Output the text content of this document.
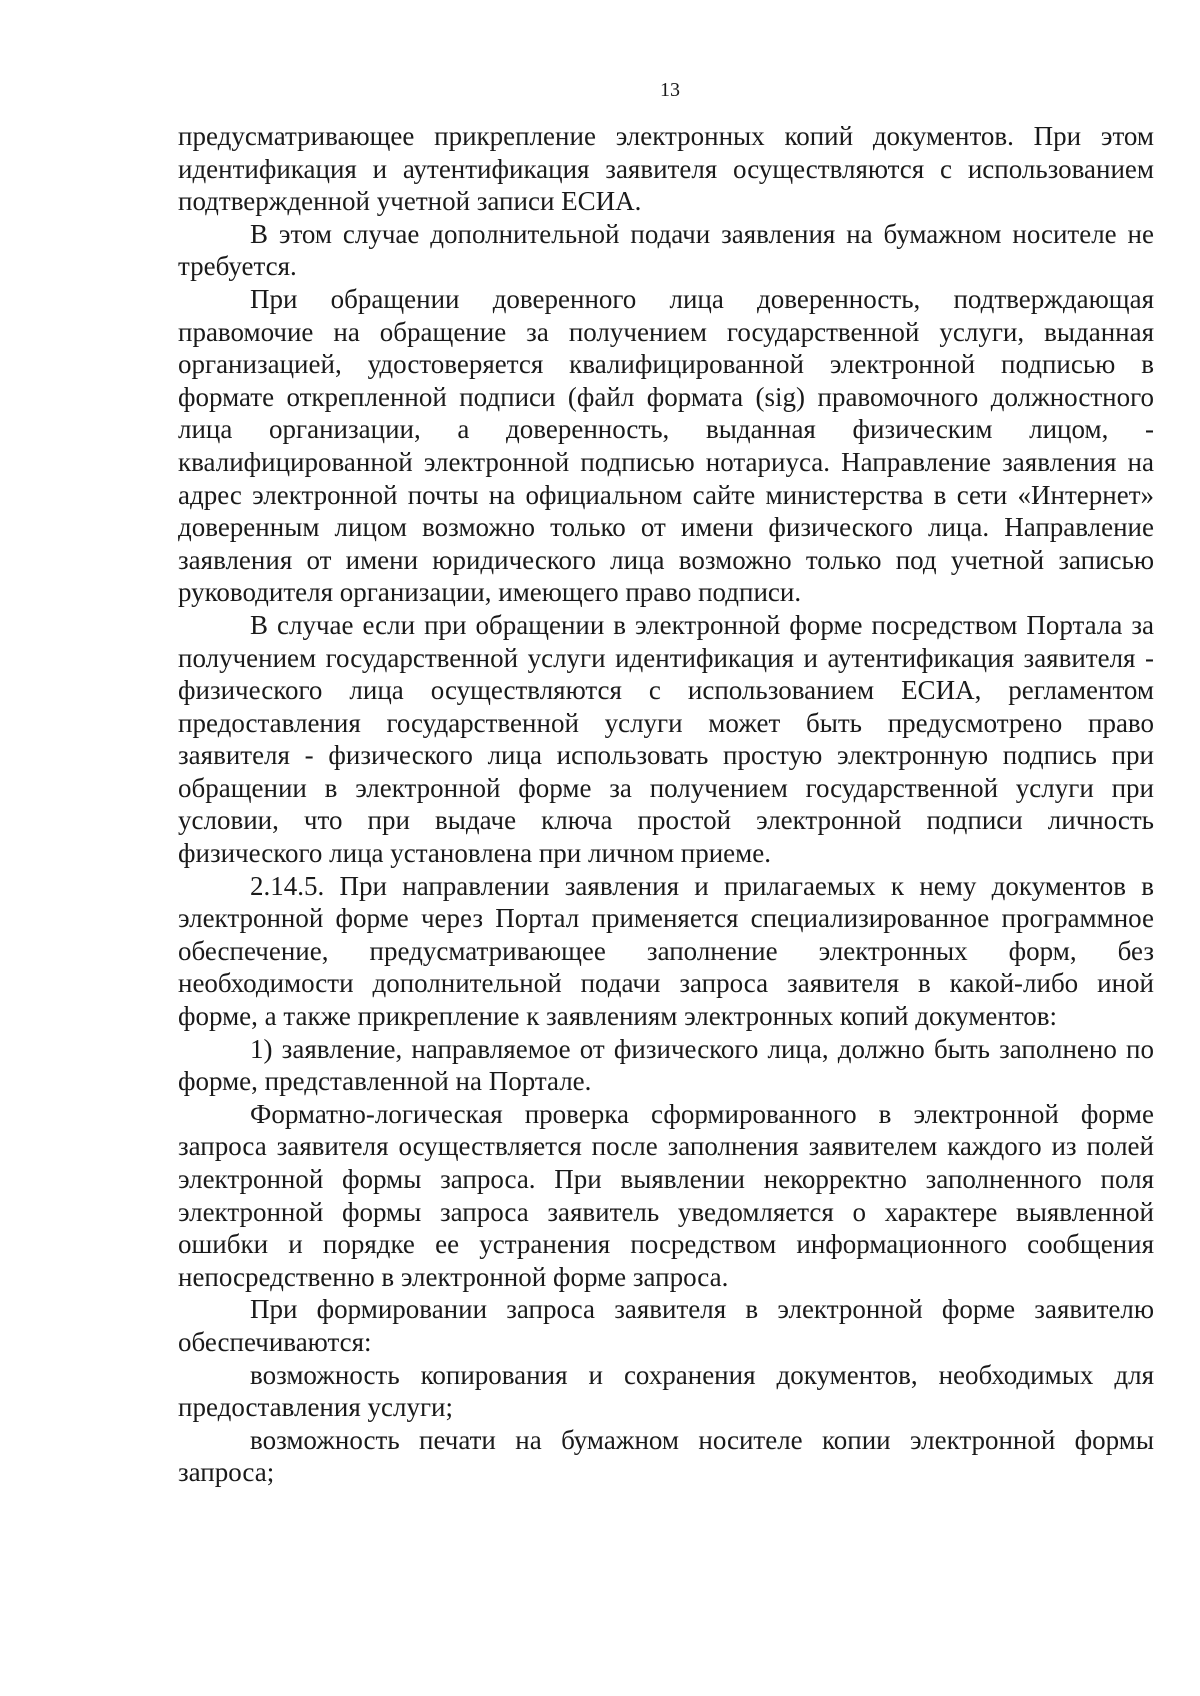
13

предусматривающее прикрепление электронных копий документов. При этом идентификация и аутентификация заявителя осуществляются с использованием подтвержденной учетной записи ЕСИА.

В этом случае дополнительной подачи заявления на бумажном носителе не требуется.

При обращении доверенного лица доверенность, подтверждающая правомочие на обращение за получением государственной услуги, выданная организацией, удостоверяется квалифицированной электронной подписью в формате открепленной подписи (файл формата (sig) правомочного должностного лица организации, а доверенность, выданная физическим лицом, - квалифицированной электронной подписью нотариуса. Направление заявления на адрес электронной почты на официальном сайте министерства в сети «Интернет» доверенным лицом возможно только от имени физического лица. Направление заявления от имени юридического лица возможно только под учетной записью руководителя организации, имеющего право подписи.

В случае если при обращении в электронной форме посредством Портала за получением государственной услуги идентификация и аутентификация заявителя - физического лица осуществляются с использованием ЕСИА, регламентом предоставления государственной услуги может быть предусмотрено право заявителя - физического лица использовать простую электронную подпись при обращении в электронной форме за получением государственной услуги при условии, что при выдаче ключа простой электронной подписи личность физического лица установлена при личном приеме.

2.14.5. При направлении заявления и прилагаемых к нему документов в электронной форме через Портал применяется специализированное программное обеспечение, предусматривающее заполнение электронных форм, без необходимости дополнительной подачи запроса заявителя в какой-либо иной форме, а также прикрепление к заявлениям электронных копий документов:

1) заявление, направляемое от физического лица, должно быть заполнено по форме, представленной на Портале.

Форматно-логическая проверка сформированного в электронной форме запроса заявителя осуществляется после заполнения заявителем каждого из полей электронной формы запроса. При выявлении некорректно заполненного поля электронной формы запроса заявитель уведомляется о характере выявленной ошибки и порядке ее устранения посредством информационного сообщения непосредственно в электронной форме запроса.

При формировании запроса заявителя в электронной форме заявителю обеспечиваются:

возможность копирования и сохранения документов, необходимых для предоставления услуги;

возможность печати на бумажном носителе копии электронной формы запроса;
